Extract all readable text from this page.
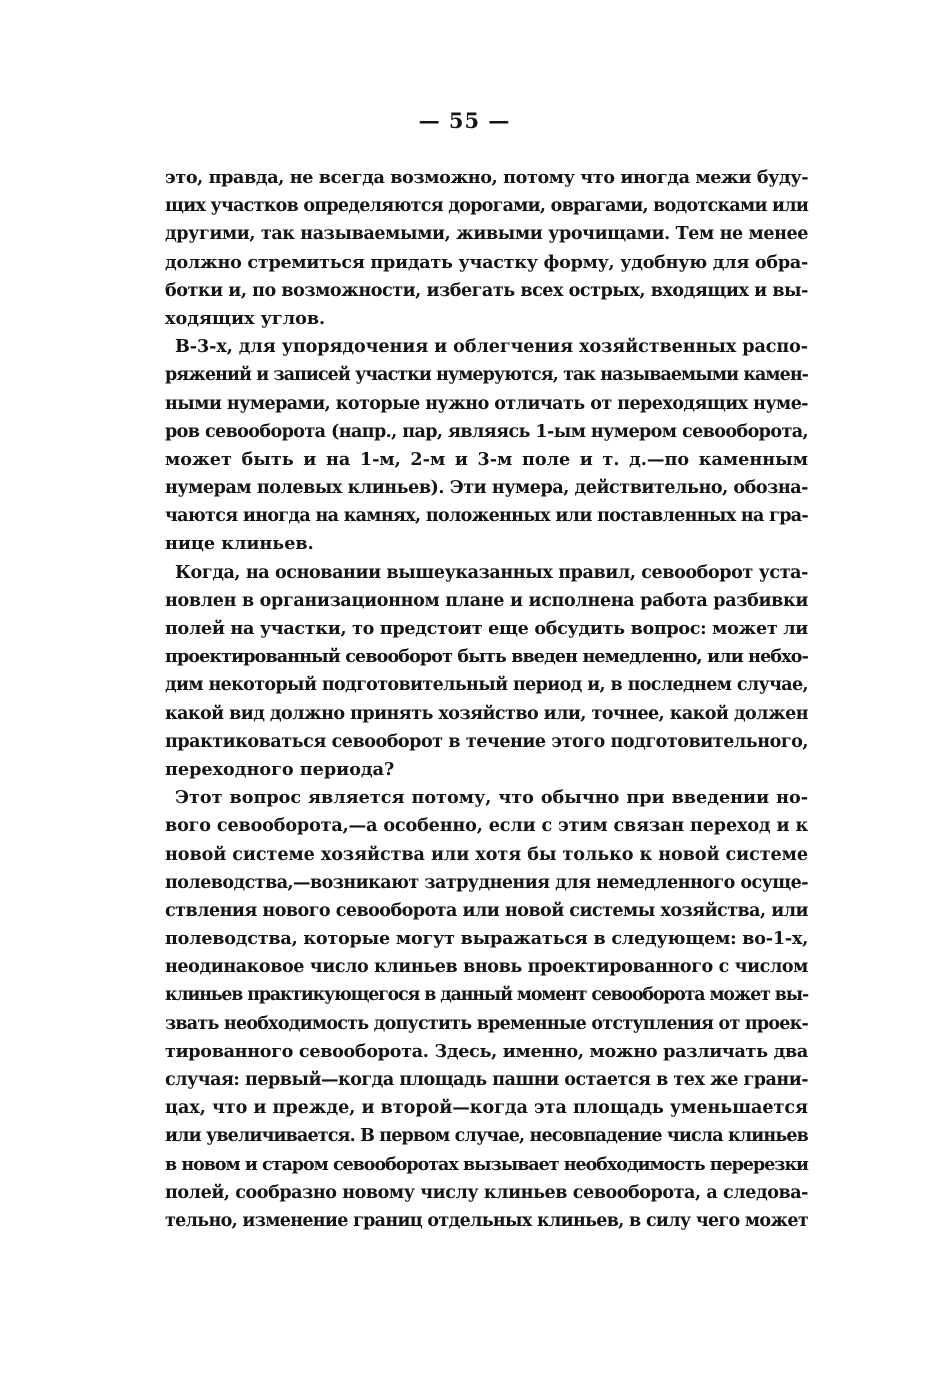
— 55 —
это, правда, не всегда возможно, потому что иногда межи буду-
щих участков определяются дорогами, оврагами, водотсками или
другими, так называемыми, живыми урочищами. Тем не менее
должно стремиться придать участку форму, удобную для обра-
ботки и, по возможности, избегать всех острых, входящих и вы-
ходящих углов.
В-3-х, для упорядочения и облегчения хозяйственных распо-
ряжений и записей участки нумеруются, так называемыми камен-
ными нумерами, которые нужно отличать от переходящих нуме-
ров севооборота (напр., пар, являясь 1-ым нумером севооборота,
может быть и на 1-м, 2-м и 3-м поле и т. д.—по каменным
нумерам полевых клиньев). Эти нумера, действительно, обозна-
чаются иногда на камнях, положенных или поставленных на гра-
нице клиньев.
Когда, на основании вышеуказанных правил, севооборот уста-
новлен в организационном плане и исполнена работа разбивки
полей на участки, то предстоит еще обсудить вопрос: может ли
проектированный севооборот быть введен немедленно, или небхо-
дим некоторый подготовительный период и, в последнем случае,
какой вид должно принять хозяйство или, точнее, какой должен
практиковаться севооборот в течение этого подготовительного,
переходного периода?
Этот вопрос является потому, что обычно при введении но-
вого севооборота,—а особенно, если с этим связан переход и к
новой системе хозяйства или хотя бы только к новой системе
полеводства,—возникают затруднения для немедленного осуще-
ствления нового севооборота или новой системы хозяйства, или
полеводства, которые могут выражаться в следующем: во-1-х,
неодинаковое число клиньев вновь проектированного с числом
клиньев практикующегося в данный момент севооборота может вы-
звать необходимость допустить временные отступления от проек-
тированного севооборота. Здесь, именно, можно различать два
случая: первый—когда площадь пашни остается в тех же грани-
цах, что и прежде, и второй—когда эта площадь уменьшается
или увеличивается. В первом случае, несовпадение числа клиньев
в новом и старом севооборотах вызывает необходимость перерезки
полей, сообразно новому числу клиньев севооборота, а следова-
тельно, изменение границ отдельных клиньев, в силу чего может
